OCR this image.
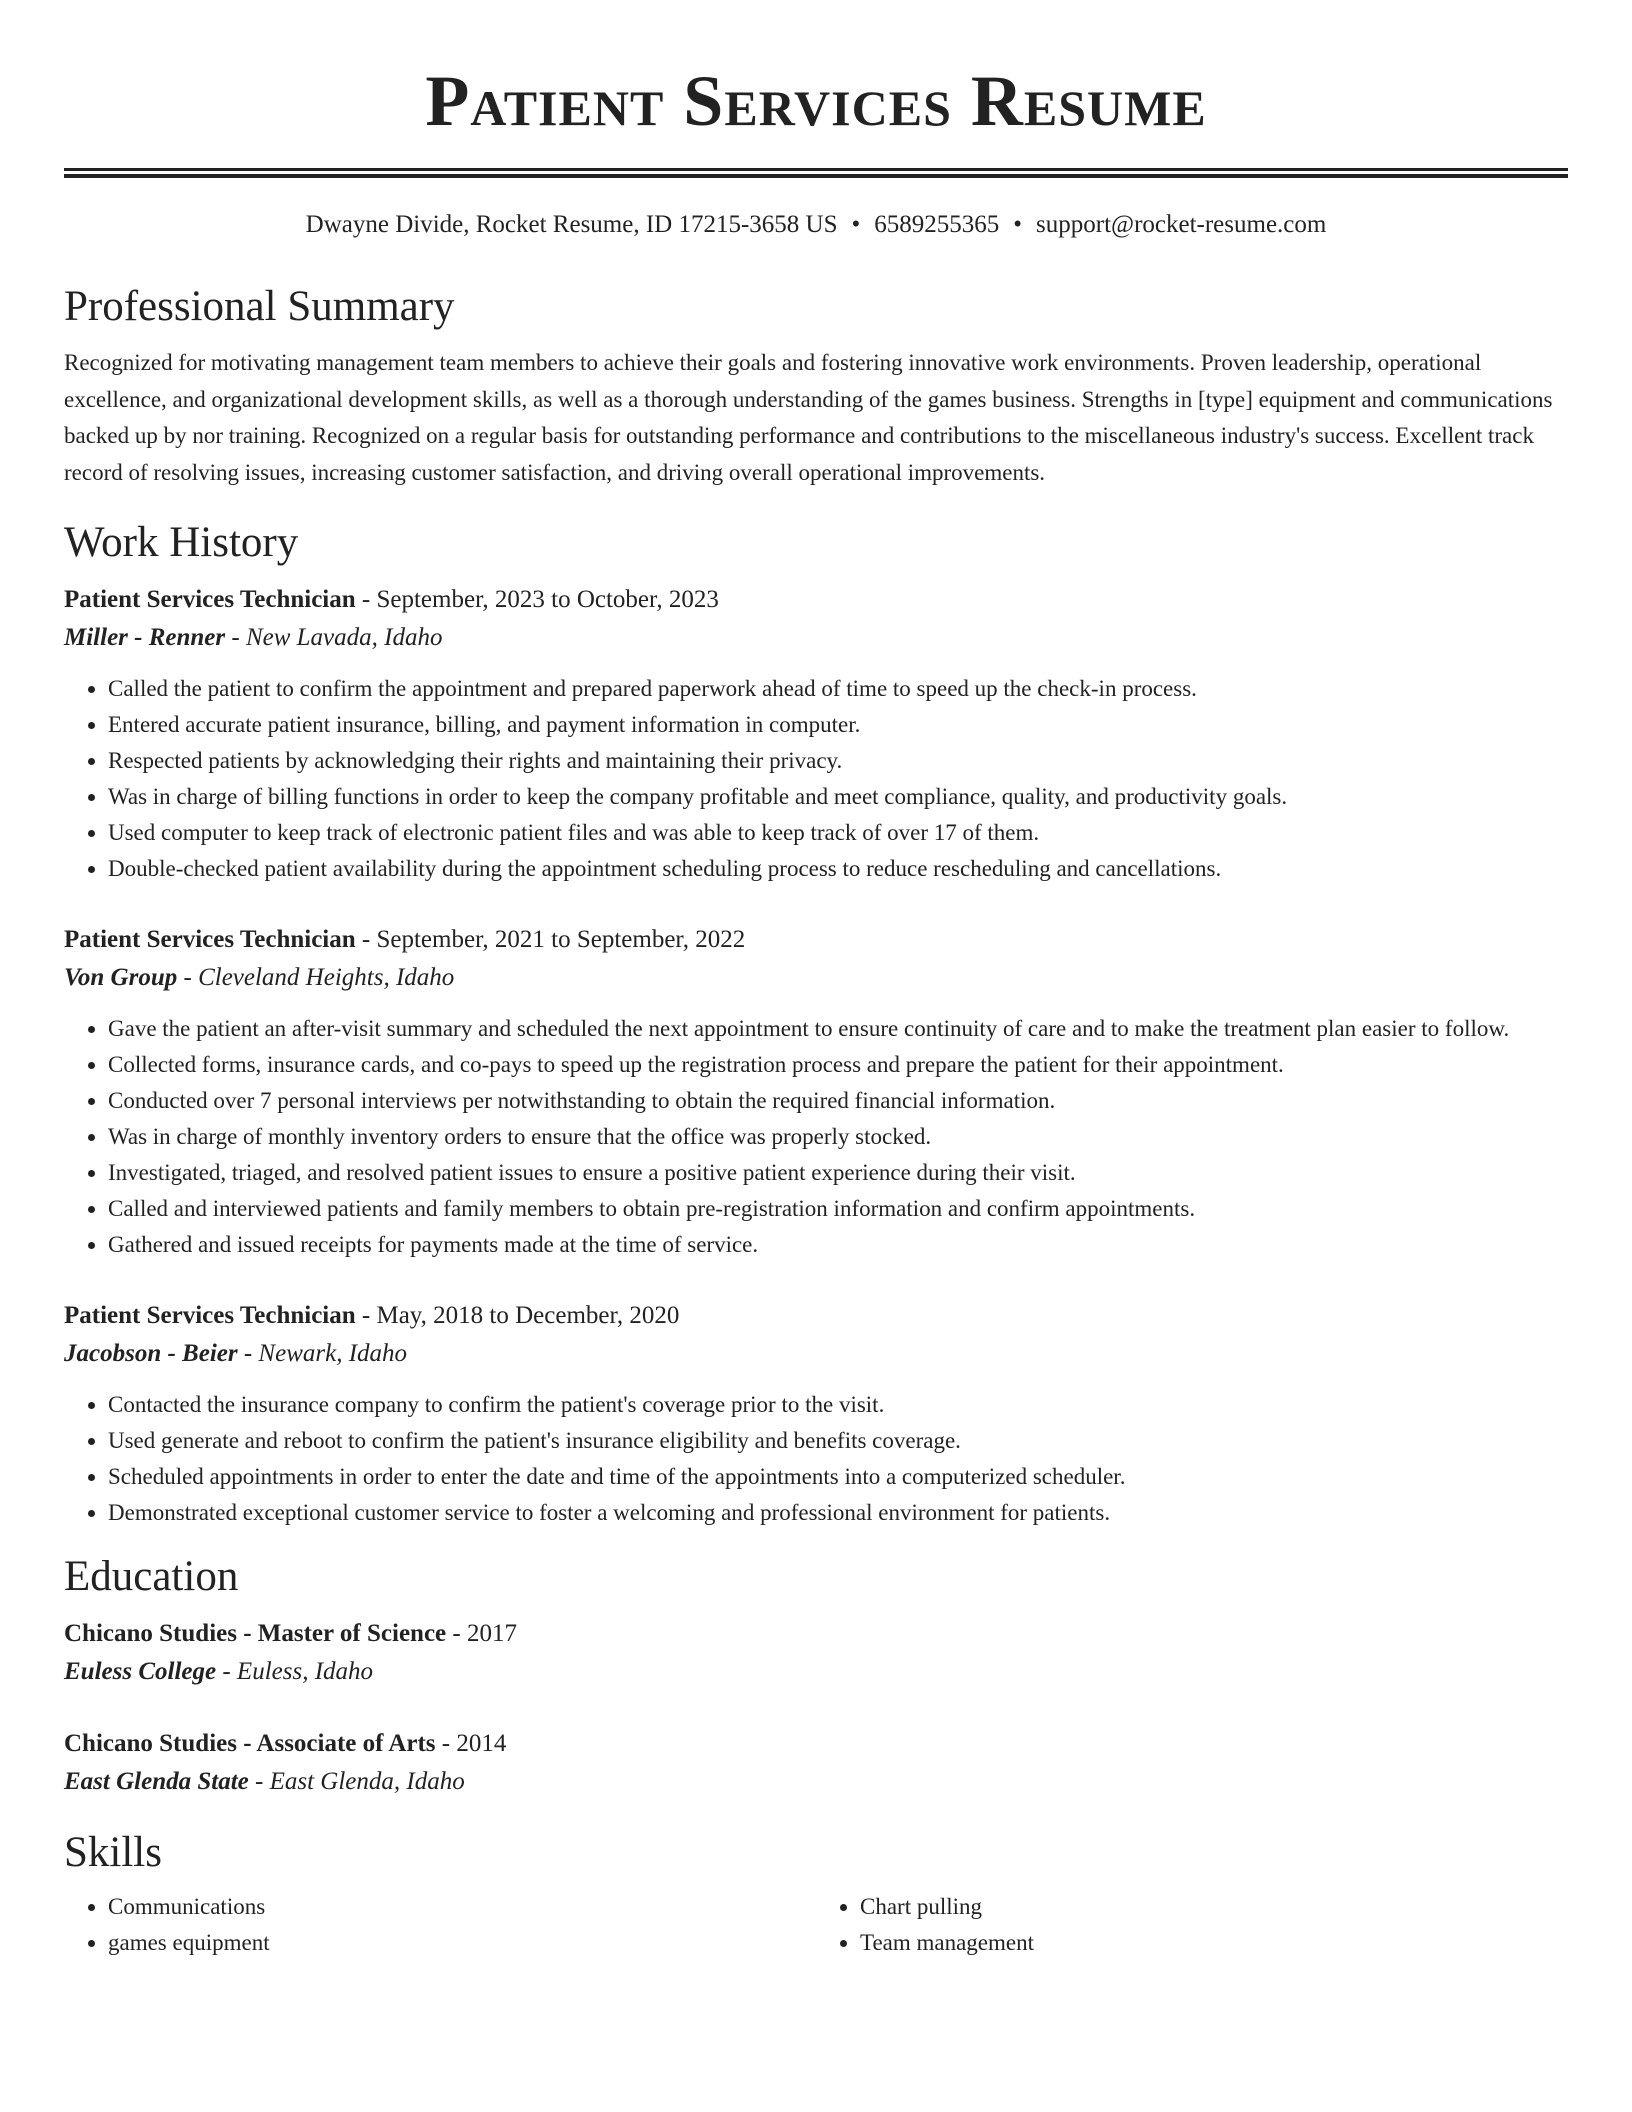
Patient Services Resume
Dwayne Divide, Rocket Resume, ID 17215-3658 US • 6589255365 • support@rocket-resume.com
Professional Summary

Recognized for motivating management team members to achieve their goals and fostering innovative work environments. Proven leadership, operational excellence, and organizational development skills, as well as a thorough understanding of the games business. Strengths in [type] equipment and communications backed up by nor training. Recognized on a regular basis for outstanding performance and contributions to the miscellaneous industry's success. Excellent track record of resolving issues, increasing customer satisfaction, and driving overall operational improvements.

Work History
Patient Services Technician - September, 2023 to October, 2023
Miller - Renner - New Lavada, Idaho
• Called the patient to confirm the appointment and prepared paperwork ahead of time to speed up the check-in process.
• Entered accurate patient insurance, billing, and payment information in computer.
• Respected patients by acknowledging their rights and maintaining their privacy.
• Was in charge of billing functions in order to keep the company profitable and meet compliance, quality, and productivity goals.
• Used computer to keep track of electronic patient files and was able to keep track of over 17 of them.
• Double-checked patient availability during the appointment scheduling process to reduce rescheduling and cancellations.
Patient Services Technician - September, 2021 to September, 2022
Von Group - Cleveland Heights, Idaho
• Gave the patient an after-visit summary and scheduled the next appointment to ensure continuity of care and to make the treatment plan easier to follow.
• Collected forms, insurance cards, and co-pays to speed up the registration process and prepare the patient for their appointment.
• Conducted over 7 personal interviews per notwithstanding to obtain the required financial information.
• Was in charge of monthly inventory orders to ensure that the office was properly stocked.
• Investigated, triaged, and resolved patient issues to ensure a positive patient experience during their visit.
• Called and interviewed patients and family members to obtain pre-registration information and confirm appointments.
• Gathered and issued receipts for payments made at the time of service.
Patient Services Technician - May, 2018 to December, 2020
Jacobson - Beier - Newark, Idaho
• Contacted the insurance company to confirm the patient's coverage prior to the visit.
• Used generate and reboot to confirm the patient's insurance eligibility and benefits coverage.
• Scheduled appointments in order to enter the date and time of the appointments into a computerized scheduler.
• Demonstrated exceptional customer service to foster a welcoming and professional environment for patients.
Education
Chicano Studies - Master of Science - 2017
Euless College - Euless, Idaho
Chicano Studies - Associate of Arts - 2014
East Glenda State - East Glenda, Idaho
Skills
• Communications
• games equipment
• Chart pulling
• Team management
